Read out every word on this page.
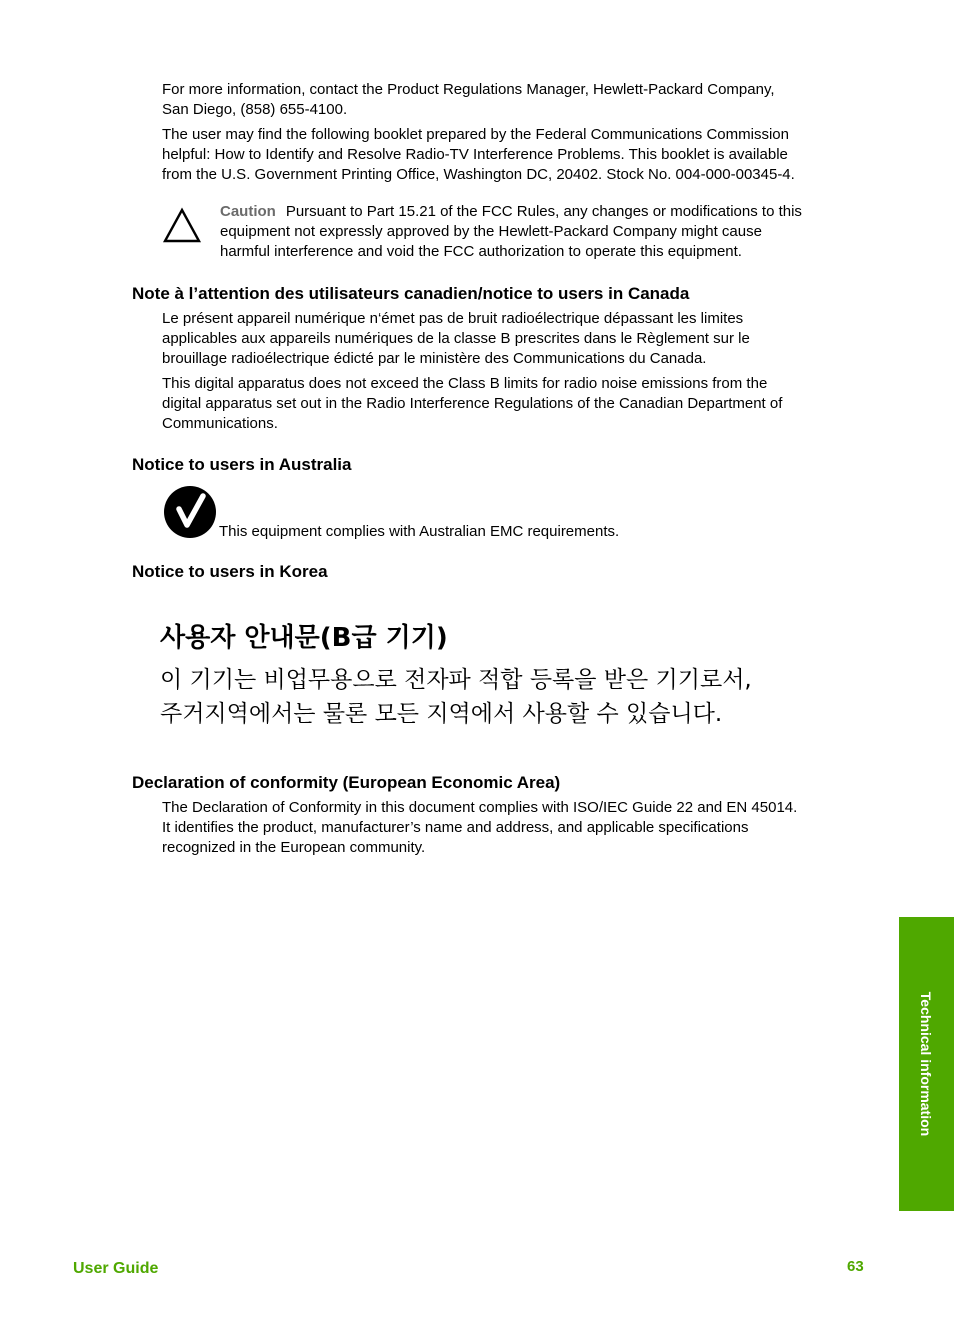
For more information, contact the Product Regulations Manager, Hewlett-Packard Company,
San Diego, (858) 655-4100.
The user may find the following booklet prepared by the Federal Communications Commission
helpful: How to Identify and Resolve Radio-TV Interference Problems. This booklet is available
from the U.S. Government Printing Office, Washington DC, 20402. Stock No. 004-000-00345-4.
Caution Pursuant to Part 15.21 of the FCC Rules, any changes or modifications to this
equipment not expressly approved by the Hewlett-Packard Company might cause
harmful interference and void the FCC authorization to operate this equipment.
Note à l’attention des utilisateurs canadien/notice to users in Canada
Le présent appareil numérique n‘émet pas de bruit radioélectrique dépassant les limites
applicables aux appareils numériques de la classe B prescrites dans le Règlement sur le
brouillage radioélectrique édicté par le ministère des Communications du Canada.
This digital apparatus does not exceed the Class B limits for radio noise emissions from the
digital apparatus set out in the Radio Interference Regulations of the Canadian Department of
Communications.
Notice to users in Australia
This equipment complies with Australian EMC requirements.
Notice to users in Korea
사용자 안내문(B급 기기)
이 기기는 비업무용으로 전자파 적합 등록을 받은 기기로서,
주거지역에서는 물론 모든 지역에서 사용할 수 있습니다.
Declaration of conformity (European Economic Area)
The Declaration of Conformity in this document complies with ISO/IEC Guide 22 and EN 45014.
It identifies the product, manufacturer’s name and address, and applicable specifications
recognized in the European community.
Technical information
User Guide	63
